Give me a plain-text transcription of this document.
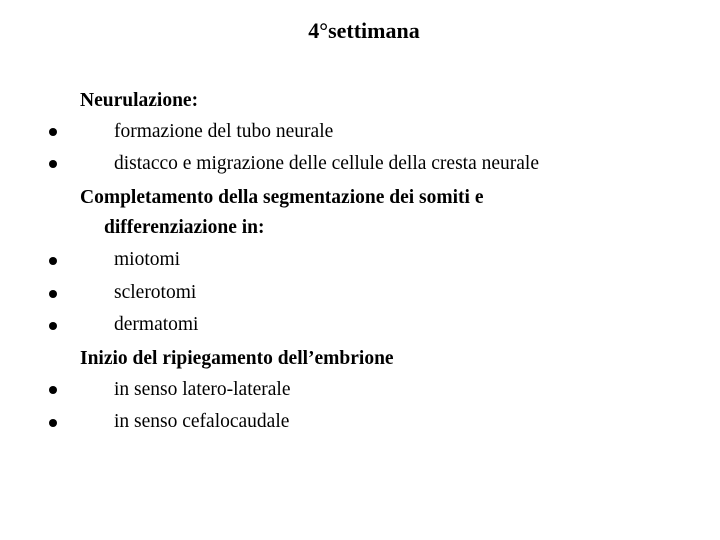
4°settimana
Neurulazione:
formazione del tubo neurale
distacco e migrazione delle cellule della cresta neurale
Completamento della segmentazione dei somiti e
differenziazione in:
miotomi
sclerotomi
dermatomi
Inizio del ripiegamento dell’embrione
in senso latero-laterale
in senso cefalocaudale
